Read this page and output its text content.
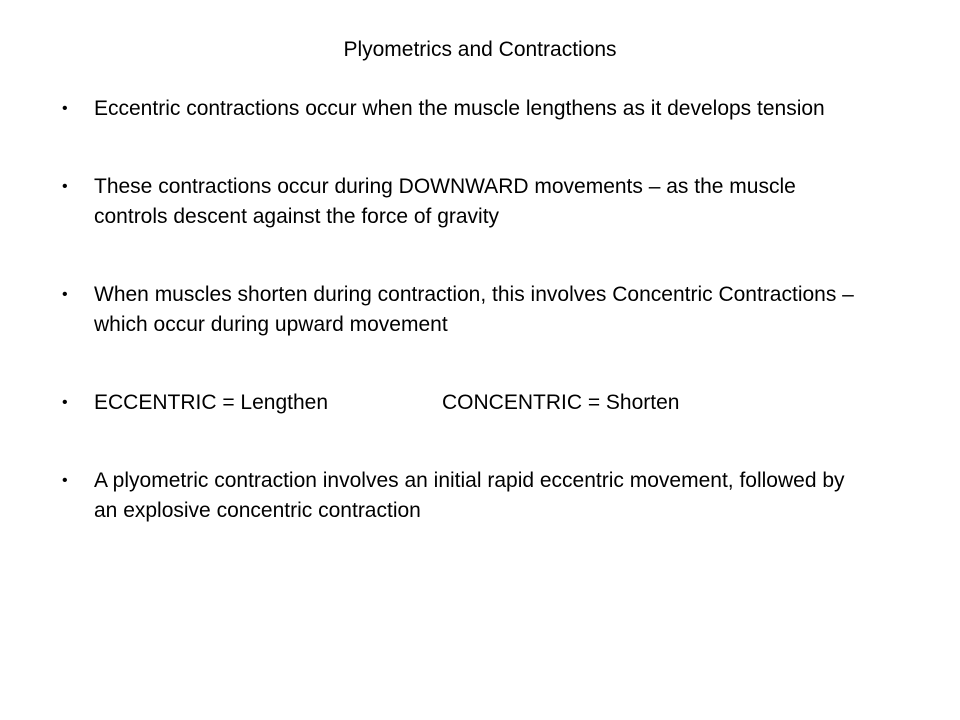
Plyometrics and Contractions
•	Eccentric contractions occur when the muscle lengthens as it develops tension
•	These contractions occur during DOWNWARD movements – as the muscle controls descent against the force of gravity
•	When muscles shorten during contraction, this involves Concentric Contractions – which occur during upward movement
•	ECCENTRIC = Lengthen	CONCENTRIC = Shorten
•	A plyometric contraction involves an initial rapid eccentric movement, followed by an explosive concentric contraction
